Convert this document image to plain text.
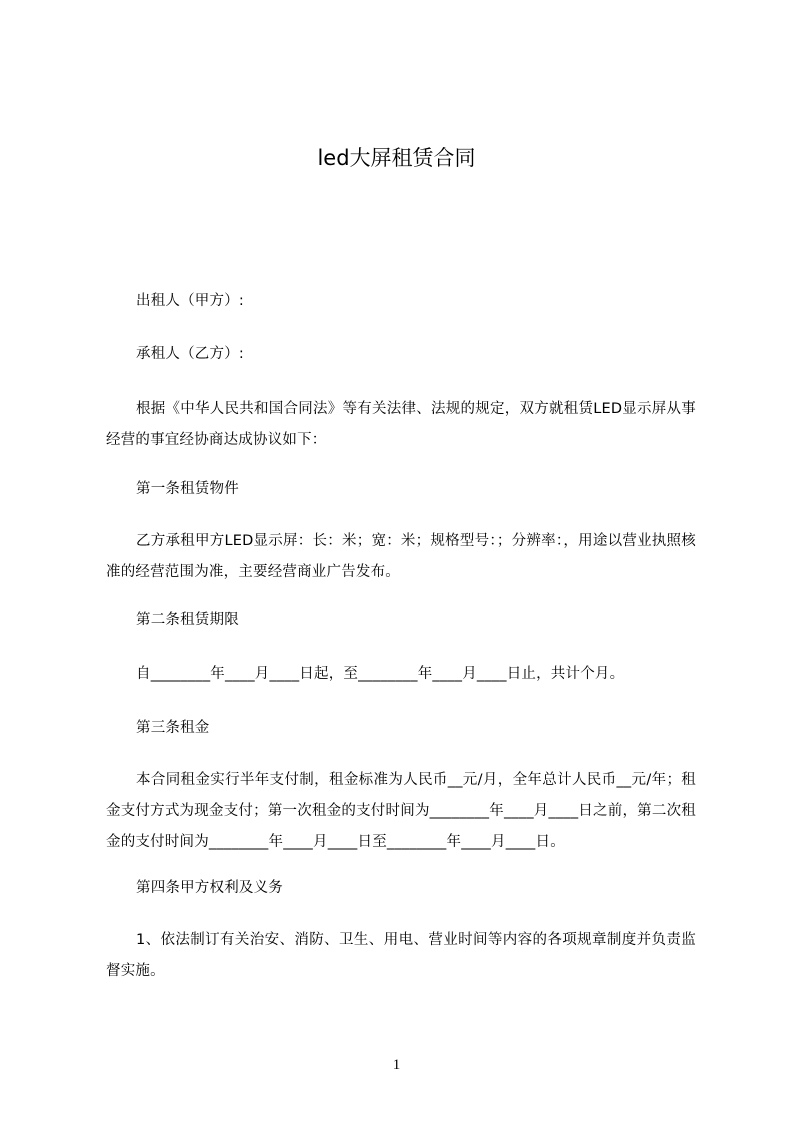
led大屏租赁合同
出租人（甲方）:
承租人（乙方）:
根据《中华人民共和国合同法》等有关法律、法规的规定，双方就租赁LED显示屏从事经营的事宜经协商达成协议如下：
第一条租赁物件
乙方承租甲方LED显示屏：长：米；宽：米；规格型号：；分辨率：，用途以营业执照核准的经营范围为准，主要经营商业广告发布。
第二条租赁期限
自________年____月____日起，至________年____月____日止，共计个月。
第三条租金
本合同租金实行半年支付制，租金标准为人民币__元/月，全年总计人民币__元/年；租金支付方式为现金支付；第一次租金的支付时间为________年____月____日之前，第二次租金的支付时间为________年____月____日至________年____月____日。
第四条甲方权利及义务
1、依法制订有关治安、消防、卫生、用电、营业时间等内容的各项规章制度并负责监督实施。
1
